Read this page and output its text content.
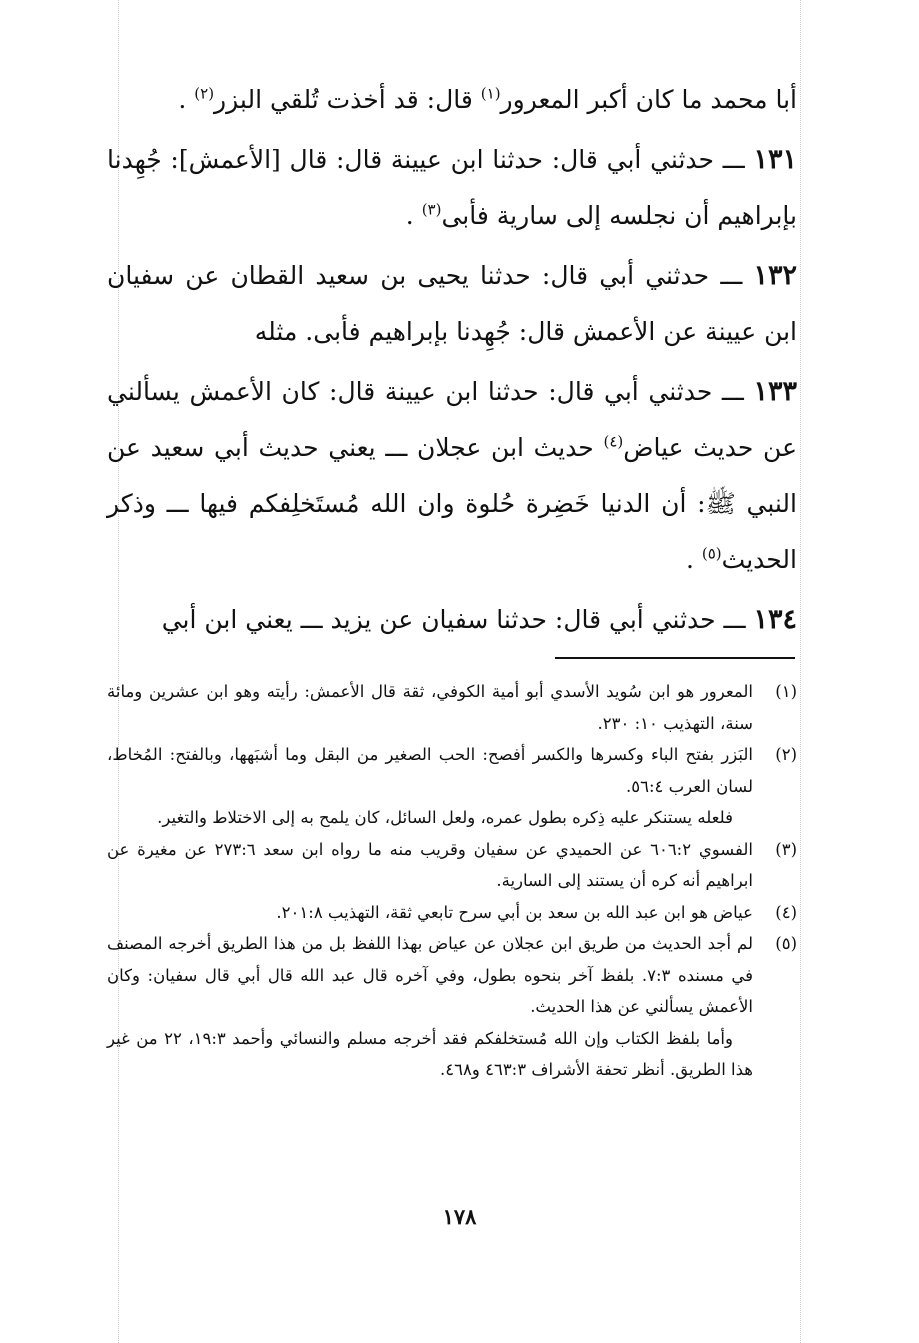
أبا محمد ما كان أكبر المعرور$^{(١)}$ قال: قد أخذت تُلقي البزر$^{(٢)}$ .

١٣١ ـــ حدثني أبي قال: حدثنا ابن عيينة قال: قال [الأعمش]: جُهِدنا بإبراهيم أن نجلسه إلى سارية فأبى$^{(٣)}$ .

١٣٢ ـــ حدثني أبي قال: حدثنا يحيى بن سعيد القطان عن سفيان ابن عيينة عن الأعمش قال: جُهِدنا بإبراهيم فأبى. مثله

١٣٣ ـــ حدثني أبي قال: حدثنا ابن عيينة قال: كان الأعمش يسألني عن حديث عياض$^{(٤)}$ حديث ابن عجلان ـــ يعني حديث أبي سعيد عن النبي ﷺ: أن الدنيا خَضِرة حُلوة وان الله مُستَخلِفكم فيها ـــ وذكر الحديث$^{(٥)}$ .

١٣٤ ـــ حدثني أبي قال: حدثنا سفيان عن يزيد ـــ يعني ابن أبي

(١)
المعرور هو ابن سُويد الأسدي أبو أمية الكوفي، ثقة قال الأعمش: رأيته وهو ابن عشرين ومائة سنة، التهذيب ١٠: ٢٣٠.
(٢)
البَزر بفتح الباء وكسرها والكسر أفصح: الحب الصغير من البقل وما أشبَهها، وبالفتح: المُخاط، لسان العرب ٥٦:٤.
فلعله يستنكر عليه ذِكره بطول عمره، ولعل السائل، كان يلمح به إلى الاختلاط والتغير.
(٣)
الفسوي ٦٠٦:٢ عن الحميدي عن سفيان وقريب منه ما رواه ابن سعد ٢٧٣:٦ عن مغيرة عن ابراهيم أنه كره أن يستند إلى السارية.
(٤)
عياض هو ابن عبد الله بن سعد بن أبي سرح تابعي ثقة، التهذيب ٢٠١:٨.
(٥)
لم أجد الحديث من طريق ابن عجلان عن عياض بهذا اللفظ بل من هذا الطريق أخرجه المصنف في مسنده ٧:٣. بلفظ آخر بنحوه بطول، وفي آخره قال عبد الله قال أبي قال سفيان: وكان الأعمش يسألني عن هذا الحديث.
وأما بلفظ الكتاب وإن الله مُستخلفكم فقد أخرجه مسلم والنسائي وأحمد ١٩:٣، ٢٢ من غير هذا الطريق. أنظر تحفة الأشراف ٤٦٣:٣ و٤٦٨.
١٧٨
